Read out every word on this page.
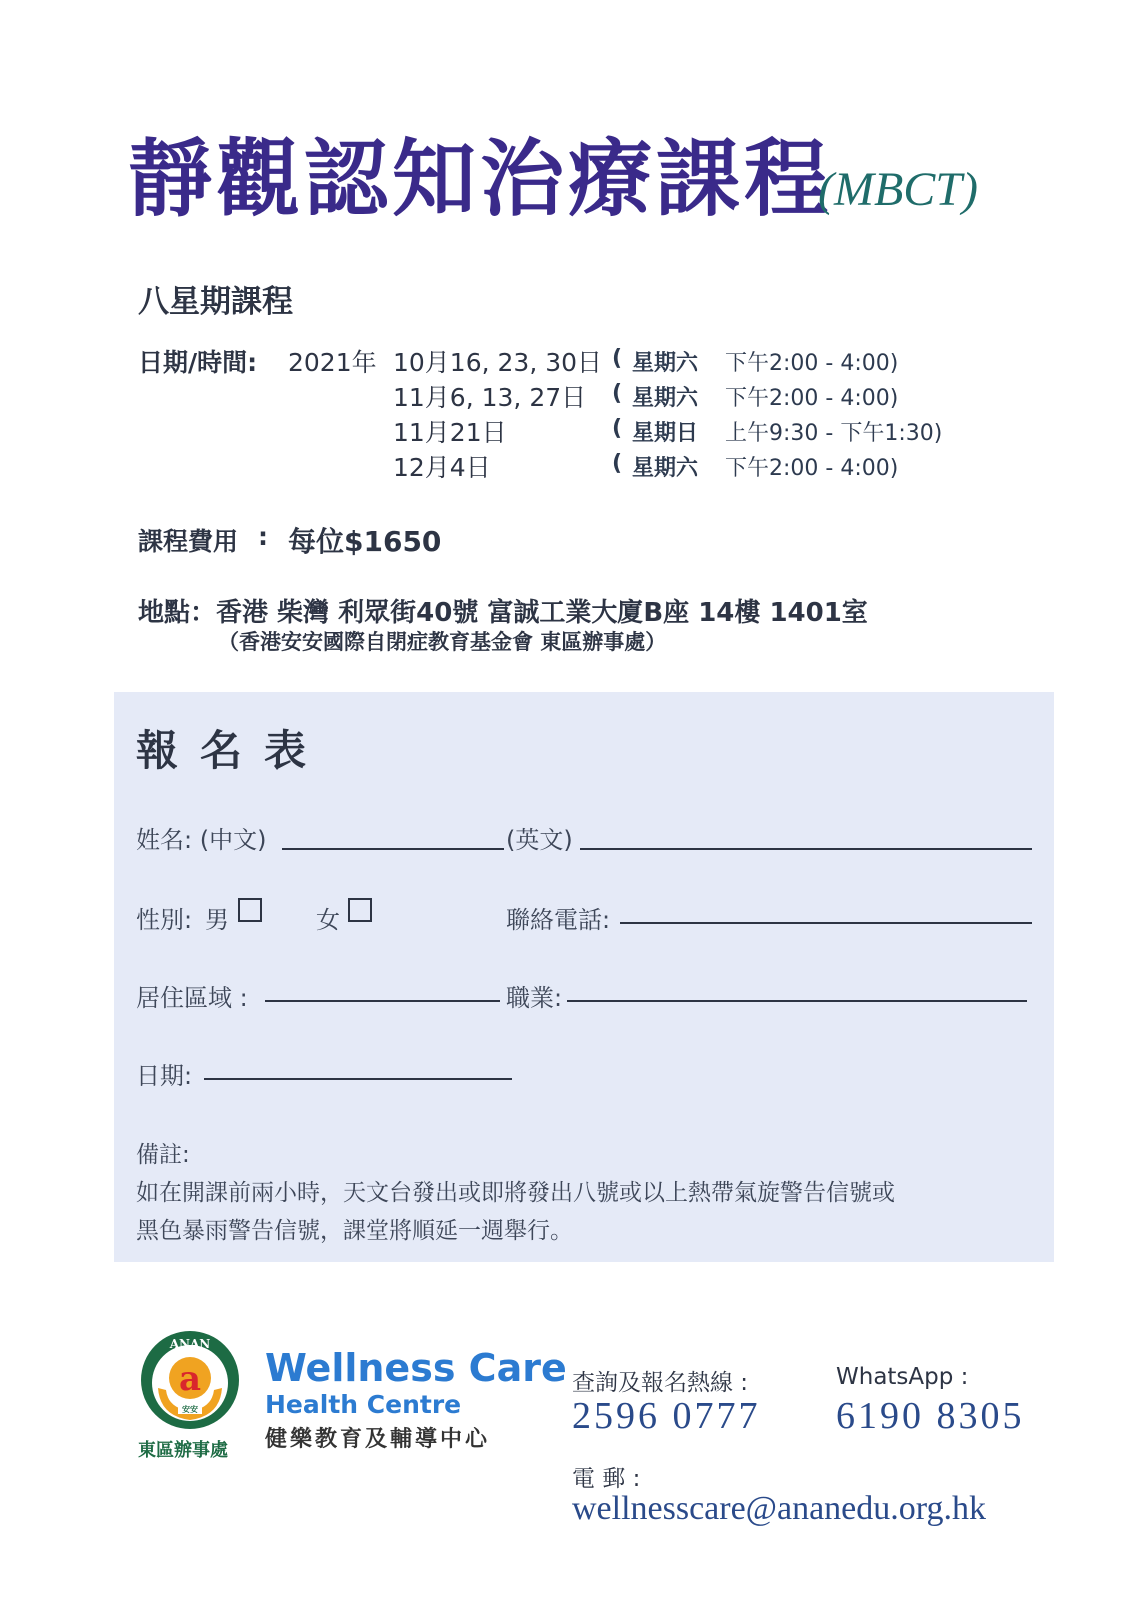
靜觀認知治療課程
(MBCT)
八星期課程
日期/時間: 2021年 10月16, 23, 30日 ( 星期六 下午2:00 - 4:00)
11月6, 13, 27日 ( 星期六 下午2:00 - 4:00)
11月21日	( 星期日 上午9:30 - 下午1:30)
12月4日	( 星期六 下午2:00 - 4:00)
課程費用 : 每位$1650
地點：香港 柴灣 利眾街40號 富誠工業大廈B座 14樓 1401室
（香港安安國際自閉症教育基金會 東區辦事處）
報名表
姓名: (中文)	(英文)
性別: 男	女	聯絡電話:
居住區域 :	職業:
日期:
備註:
如在開課前兩小時，天文台發出或即將發出八號或以上熱帶氣旋警告信號或
黑色暴雨警告信號，課堂將順延一週舉行。
ANAN
a
安安
東區辦事處
Wellness Care
Health Centre
健樂教育及輔導中心
查詢及報名熱線 :
2596 0777
WhatsApp :
6190 8305
電 郵 :
wellnesscare@ananedu.org.hk
